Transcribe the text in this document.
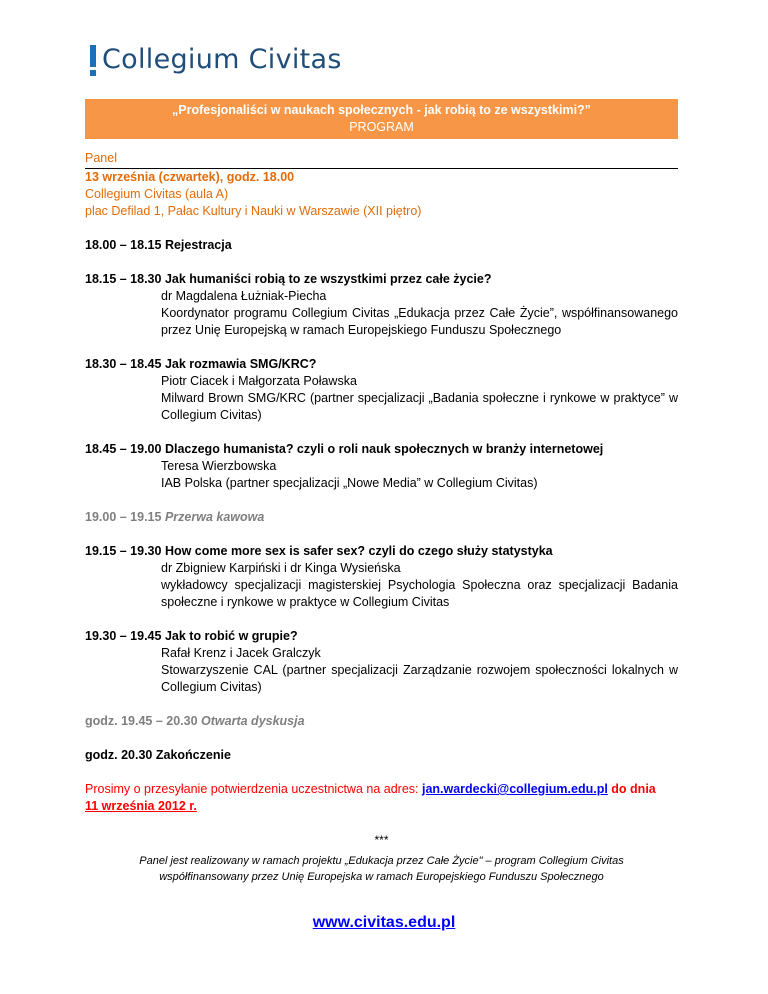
Collegium Civitas
„Profesjonaliści w naukach społecznych - jak robią to ze wszystkimi?”
PROGRAM
Panel
13 września (czwartek), godz. 18.00
Collegium Civitas (aula A)
plac Defilad 1, Pałac Kultury i Nauki w Warszawie (XII piętro)
18.00 – 18.15 Rejestracja
18.15 – 18.30 Jak humaniści robią to ze wszystkimi przez całe życie?
dr Magdalena Łużniak-Piecha
Koordynator programu Collegium Civitas „Edukacja przez Całe Życie”, współfinansowanego przez Unię Europejską w ramach Europejskiego Funduszu Społecznego
18.30 – 18.45 Jak rozmawia SMG/KRC?
Piotr Ciacek i Małgorzata Poławska
Milward Brown SMG/KRC (partner specjalizacji „Badania społeczne i rynkowe w praktyce” w Collegium Civitas)
18.45 – 19.00 Dlaczego humanista? czyli o roli nauk społecznych w branży internetowej
Teresa Wierzbowska
IAB Polska (partner specjalizacji „Nowe Media” w Collegium Civitas)
19.00 – 19.15 Przerwa kawowa
19.15 – 19.30 How come more sex is safer sex? czyli do czego służy statystyka
dr Zbigniew Karpiński i dr Kinga Wysieńska
wykładowcy specjalizacji magisterskiej Psychologia Społeczna oraz specjalizacji Badania społeczne i rynkowe w praktyce w Collegium Civitas
19.30 – 19.45 Jak to robić w grupie?
Rafał Krenz i Jacek Gralczyk
Stowarzyszenie CAL (partner specjalizacji Zarządzanie rozwojem społeczności lokalnych w Collegium Civitas)
godz. 19.45 – 20.30 Otwarta dyskusja
godz. 20.30 Zakończenie
Prosimy o przesyłanie potwierdzenia uczestnictwa na adres: jan.wardecki@collegium.edu.pl do dnia
11 września 2012 r.
***
Panel jest realizowany w ramach projektu „Edukacja przez Całe Życie" – program Collegium Civitas
współfinansowany przez Unię Europejska w ramach Europejskiego Funduszu Społecznego
www.civitas.edu.pl
